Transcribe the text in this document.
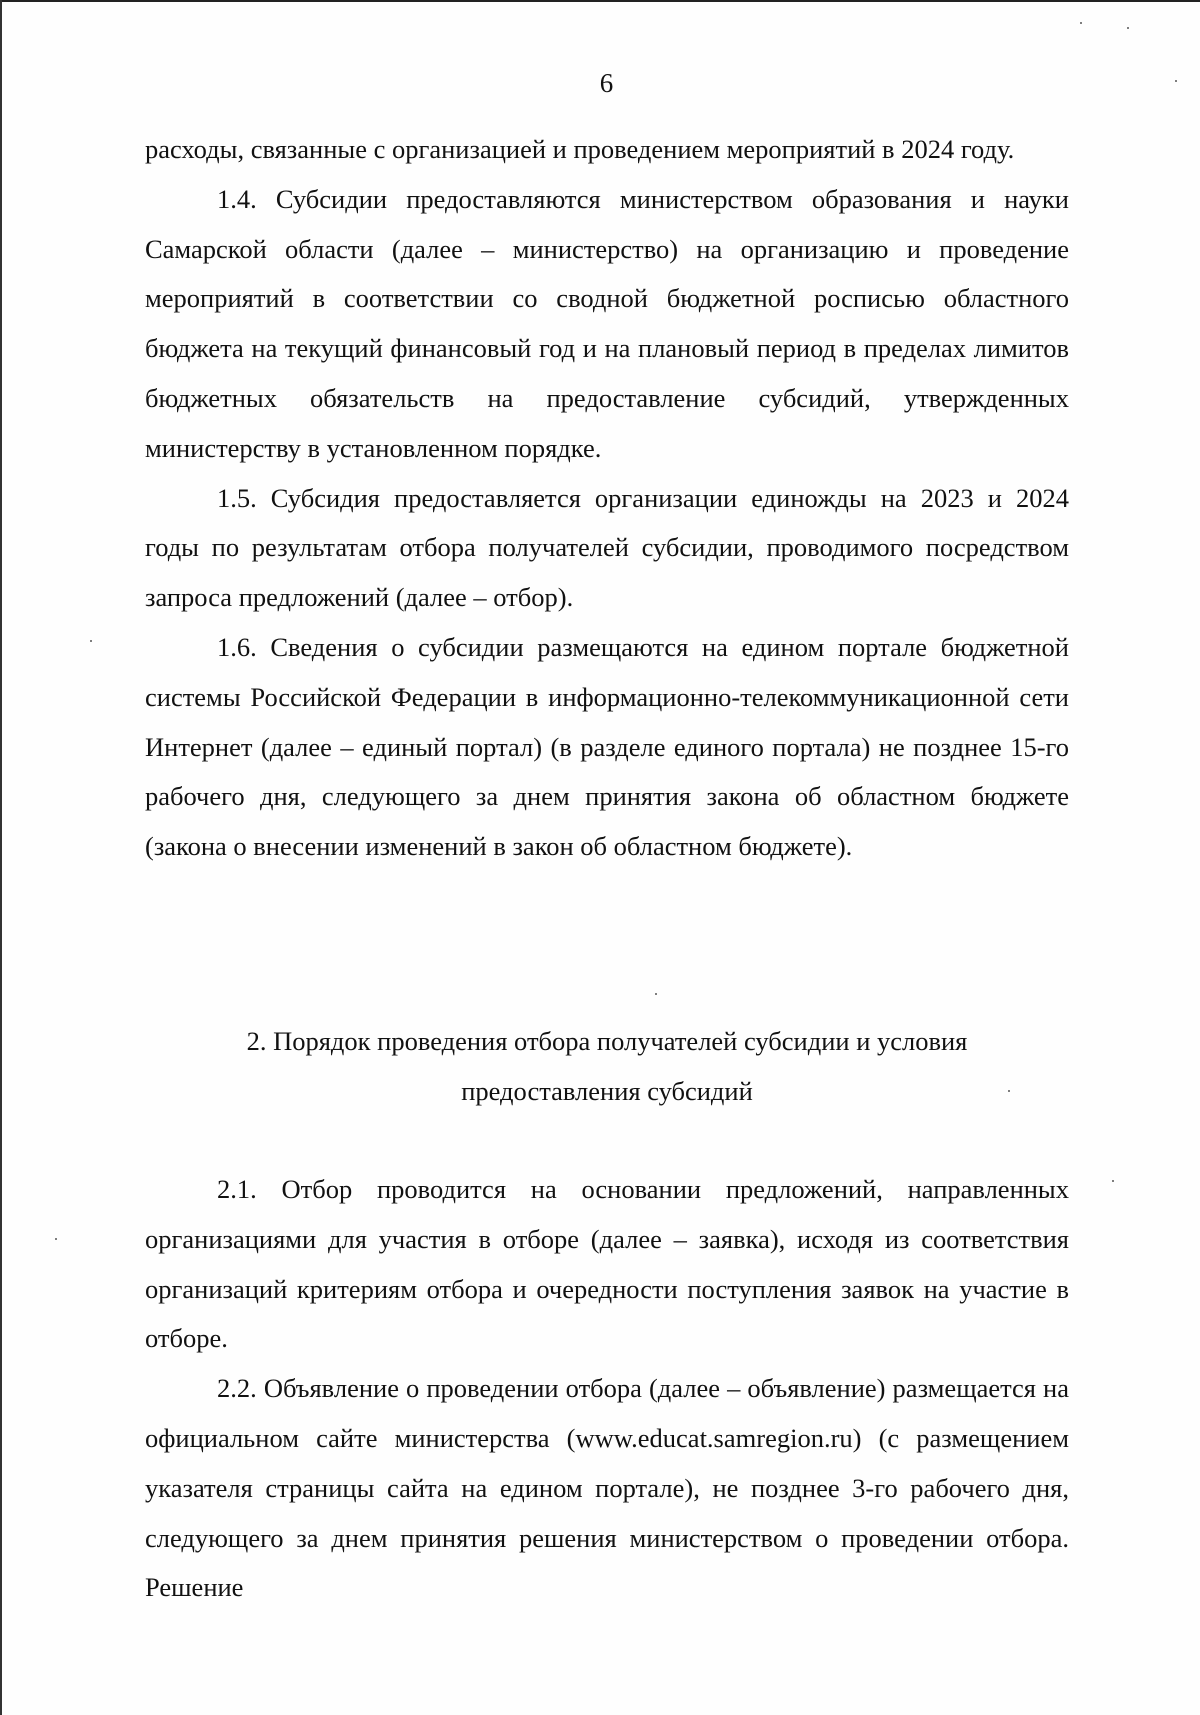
6

расходы, связанные с организацией и проведением мероприятий в 2024 году.

1.4. Субсидии предоставляются министерством образования и науки Самарской области (далее – министерство) на организацию и проведение мероприятий в соответствии со сводной бюджетной росписью областного бюджета на текущий финансовый год и на плановый период в пределах лимитов бюджетных обязательств на предоставление субсидий, утвержденных министерству в установленном порядке.

1.5. Субсидия предоставляется организации единожды на 2023 и 2024 годы по результатам отбора получателей субсидии, проводимого посредством запроса предложений (далее – отбор).

1.6. Сведения о субсидии размещаются на едином портале бюджетной системы Российской Федерации в информационно-телекоммуникационной сети Интернет (далее – единый портал) (в разделе единого портала) не позднее 15-го рабочего дня, следующего за днем принятия закона об областном бюджете (закона о внесении изменений в закон об областном бюджете).

2. Порядок проведения отбора получателей субсидии и условия

предоставления субсидий

2.1. Отбор проводится на основании предложений, направленных организациями для участия в отборе (далее – заявка), исходя из соответствия организаций критериям отбора и очередности поступления заявок на участие в отборе.

2.2. Объявление о проведении отбора (далее – объявление) размещается на официальном сайте министерства (www.educat.samregion.ru) (с размещением указателя страницы сайта на едином портале), не позднее 3-го рабочего дня, следующего за днем принятия решения министерством о проведении отбора. Решение
